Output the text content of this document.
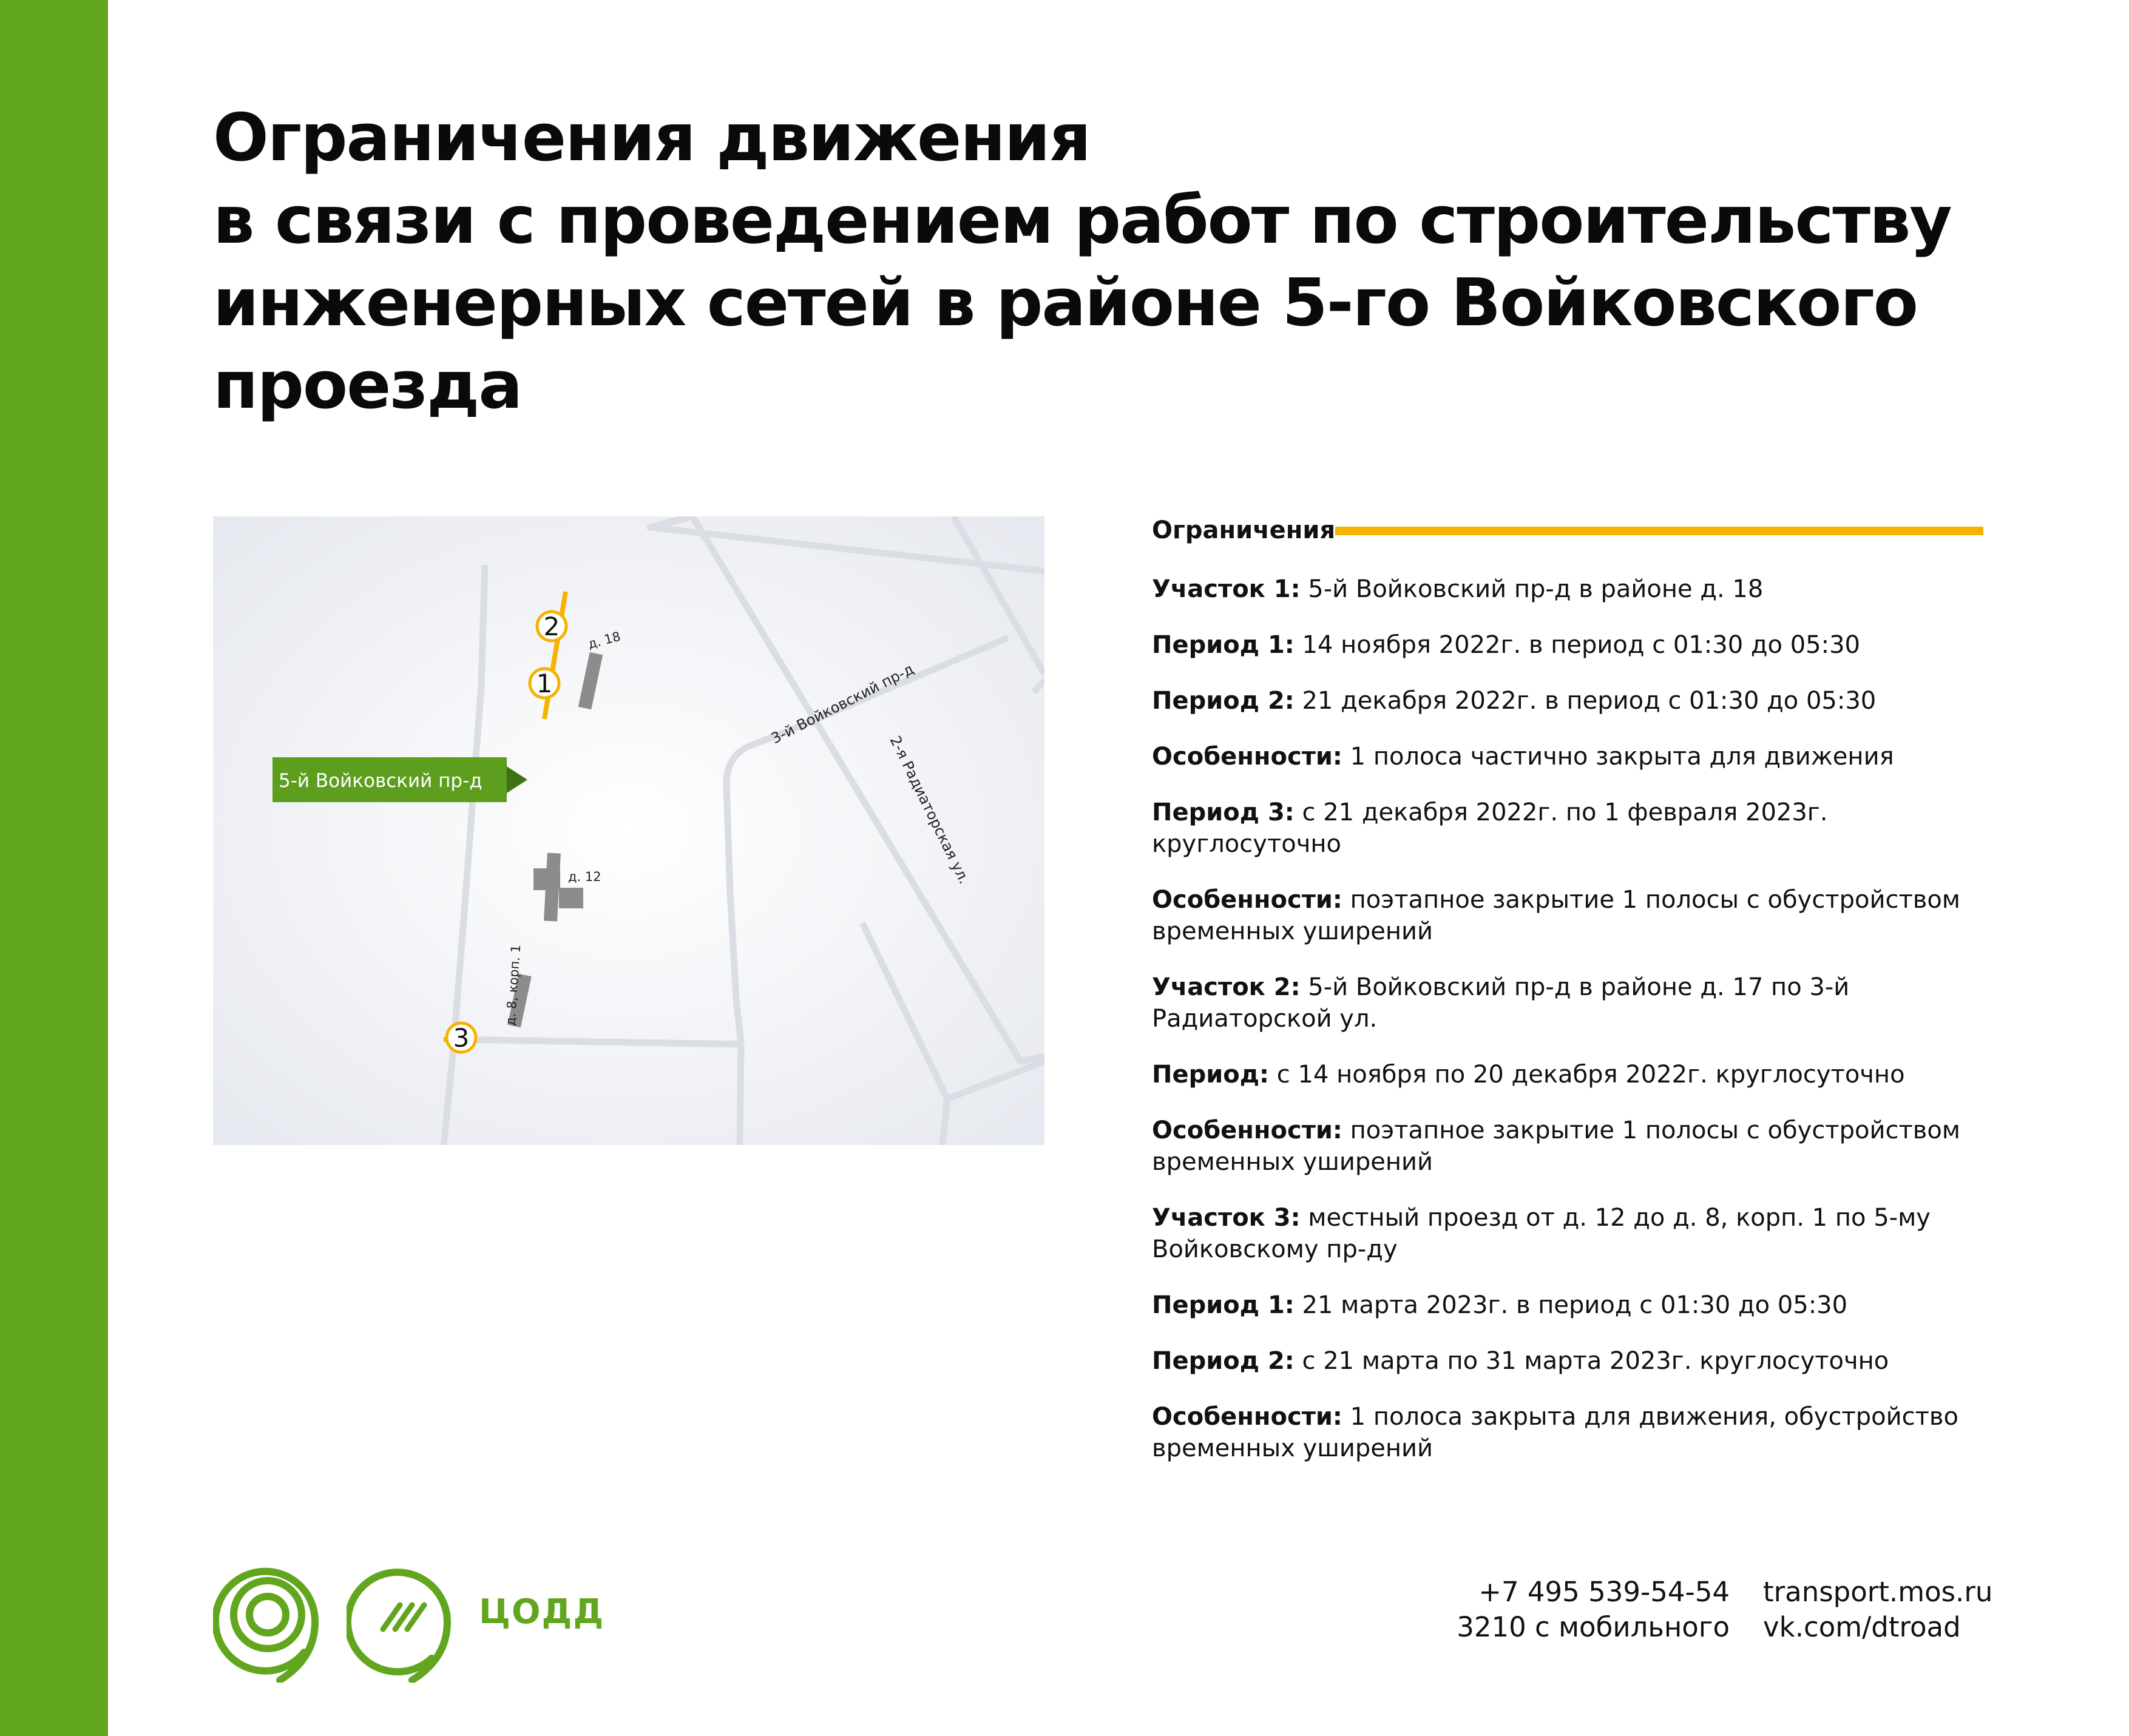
Ограничения движения
в связи с проведением работ по строительству
инженерных сетей в районе 5-го Войковского
проезда
2
1
3
5-й Войковский пр-д
д. 18
д. 12
д. 8, корп. 1
3-й Войковский пр-д
2-я Радиаторская ул.
Ограничения
Участок 1: 5-й Войковский пр-д в районе д. 18
Период 1: 14 ноября 2022г. в период с 01:30 до 05:30
Период 2: 21 декабря 2022г. в период с 01:30 до 05:30
Особенности: 1 полоса частично закрыта для движения
Период 3: с 21 декабря 2022г. по 1 февраля 2023г. круглосуточно
Особенности: поэтапное закрытие 1 полосы с обустройством временных уширений
Участок 2: 5-й Войковский пр-д в районе д. 17 по 3-й Радиаторской ул.
Период: с 14 ноября по 20 декабря 2022г. круглосуточно
Особенности: поэтапное закрытие 1 полосы с обустройством временных уширений
Участок 3: местный проезд от д. 12 до д. 8, корп. 1 по 5-му Войковскому пр-ду
Период 1: 21 марта 2023г. в период с 01:30 до 05:30
Период 2: с 21 марта по 31 марта 2023г. круглосуточно
Особенности: 1 полоса закрыта для движения, обустройство временных уширений
ЦОДД
+7 495 539-54-54
3210 с мобильного
transport.mos.ru
vk.com/dtroad
